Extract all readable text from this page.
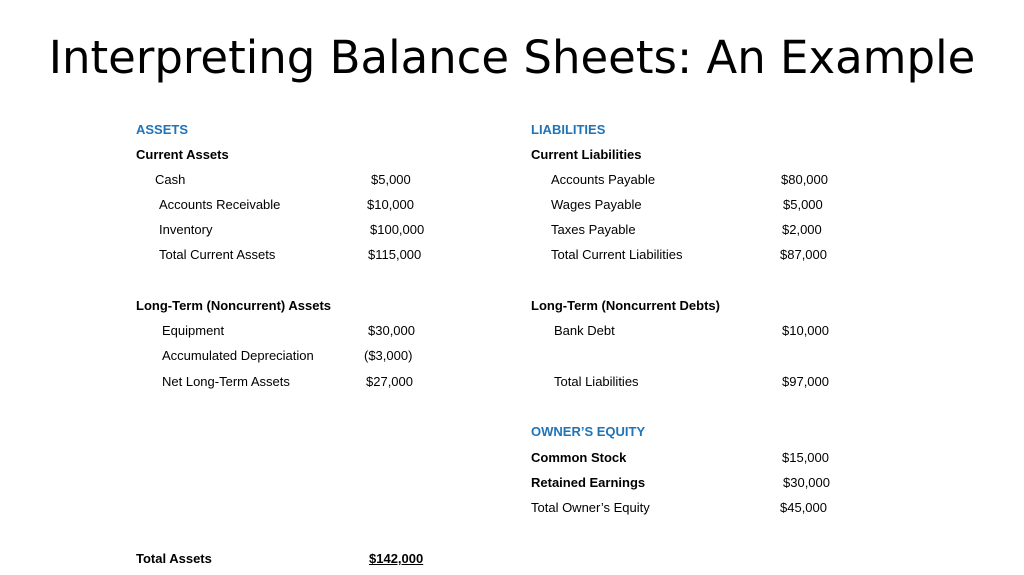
Interpreting Balance Sheets: An Example
ASSETS
Current Assets
Cash	$5,000
Accounts Receivable	$10,000
Inventory	$100,000
Total Current Assets	$115,000
Long-Term (Noncurrent) Assets
Equipment	$30,000
Accumulated Depreciation	($3,000)
Net Long-Term Assets	$27,000
Total Assets	$142,000
LIABILITIES
Current Liabilities
Accounts Payable	$80,000
Wages Payable	$5,000
Taxes Payable	$2,000
Total Current Liabilities	$87,000
Long-Term (Noncurrent Debts)
Bank Debt	$10,000
Total Liabilities	$97,000
OWNER’S EQUITY
Common Stock	$15,000
Retained Earnings	$30,000
Total Owner’s Equity	$45,000
